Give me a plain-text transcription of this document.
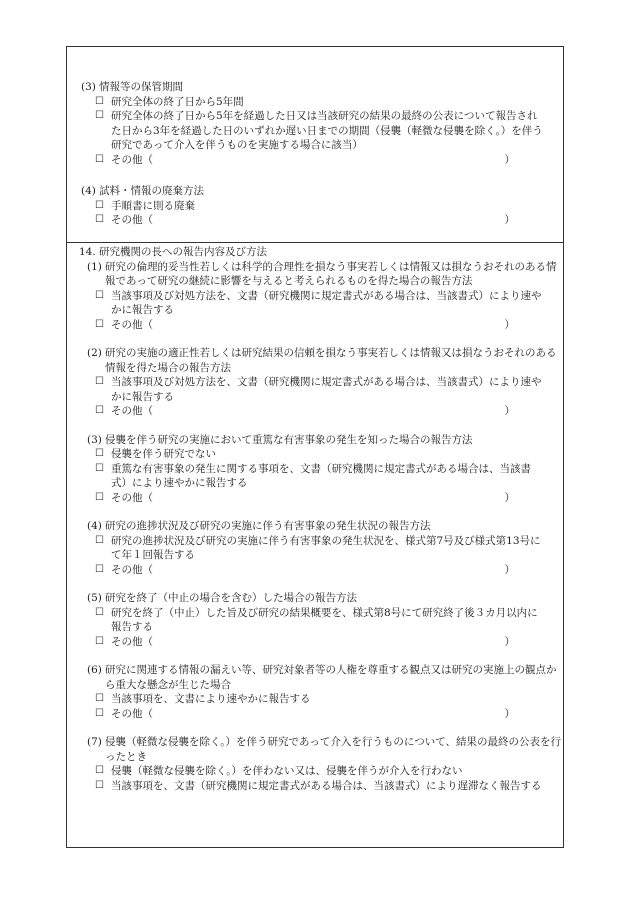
(3) 情報等の保管期間
☐ 研究全体の終了日から5年間
☐ 研究全体の終了日から5年を経過した日又は当該研究の結果の最終の公表について報告された日から3年を経過した日のいずれか遅い日までの期間（侵襲（軽微な侵襲を除く。）を伴う研究であって介入を伴うものを実施する場合に該当）
☐ その他（	）
(4) 試料・情報の廃棄方法
☐ 手順書に則る廃棄
☐ その他（	）
14. 研究機関の長への報告内容及び方法
(1) 研究の倫理的妥当性若しくは科学的合理性を損なう事実若しくは情報又は損なうおそれのある情報であって研究の継続に影響を与えると考えられるものを得た場合の報告方法
☐ 当該事項及び対処方法を、文書（研究機関に規定書式がある場合は、当該書式）により速やかに報告する
☐ その他（	）
(2) 研究の実施の適正性若しくは研究結果の信頼を損なう事実若しくは情報又は損なうおそれのある情報を得た場合の報告方法
☐ 当該事項及び対処方法を、文書（研究機関に規定書式がある場合は、当該書式）により速やかに報告する
☐ その他（	）
(3) 侵襲を伴う研究の実施において重篤な有害事象の発生を知った場合の報告方法
☐ 侵襲を伴う研究でない
☐ 重篤な有害事象の発生に関する事項を、文書（研究機関に規定書式がある場合は、当該書式）により速やかに報告する
☐ その他（	）
(4) 研究の進捗状況及び研究の実施に伴う有害事象の発生状況の報告方法
☐ 研究の進捗状況及び研究の実施に伴う有害事象の発生状況を、様式第7号及び様式第13号にて年１回報告する
☐ その他（	）
(5) 研究を終了（中止の場合を含む）した場合の報告方法
☐ 研究を終了（中止）した旨及び研究の結果概要を、様式第8号にて研究終了後３カ月以内に報告する
☐ その他（	）
(6) 研究に関連する情報の漏えい等、研究対象者等の人権を尊重する観点又は研究の実施上の観点から重大な懸念が生じた場合
☐ 当該事項を、文書により速やかに報告する
☐ その他（	）
(7) 侵襲（軽微な侵襲を除く。）を伴う研究であって介入を行うものについて、結果の最終の公表を行ったとき
☐ 侵襲（軽微な侵襲を除く。）を伴わない又は、侵襲を伴うが介入を行わない
☐ 当該事項を、文書（研究機関に規定書式がある場合は、当該書式）により遅滞なく報告する
